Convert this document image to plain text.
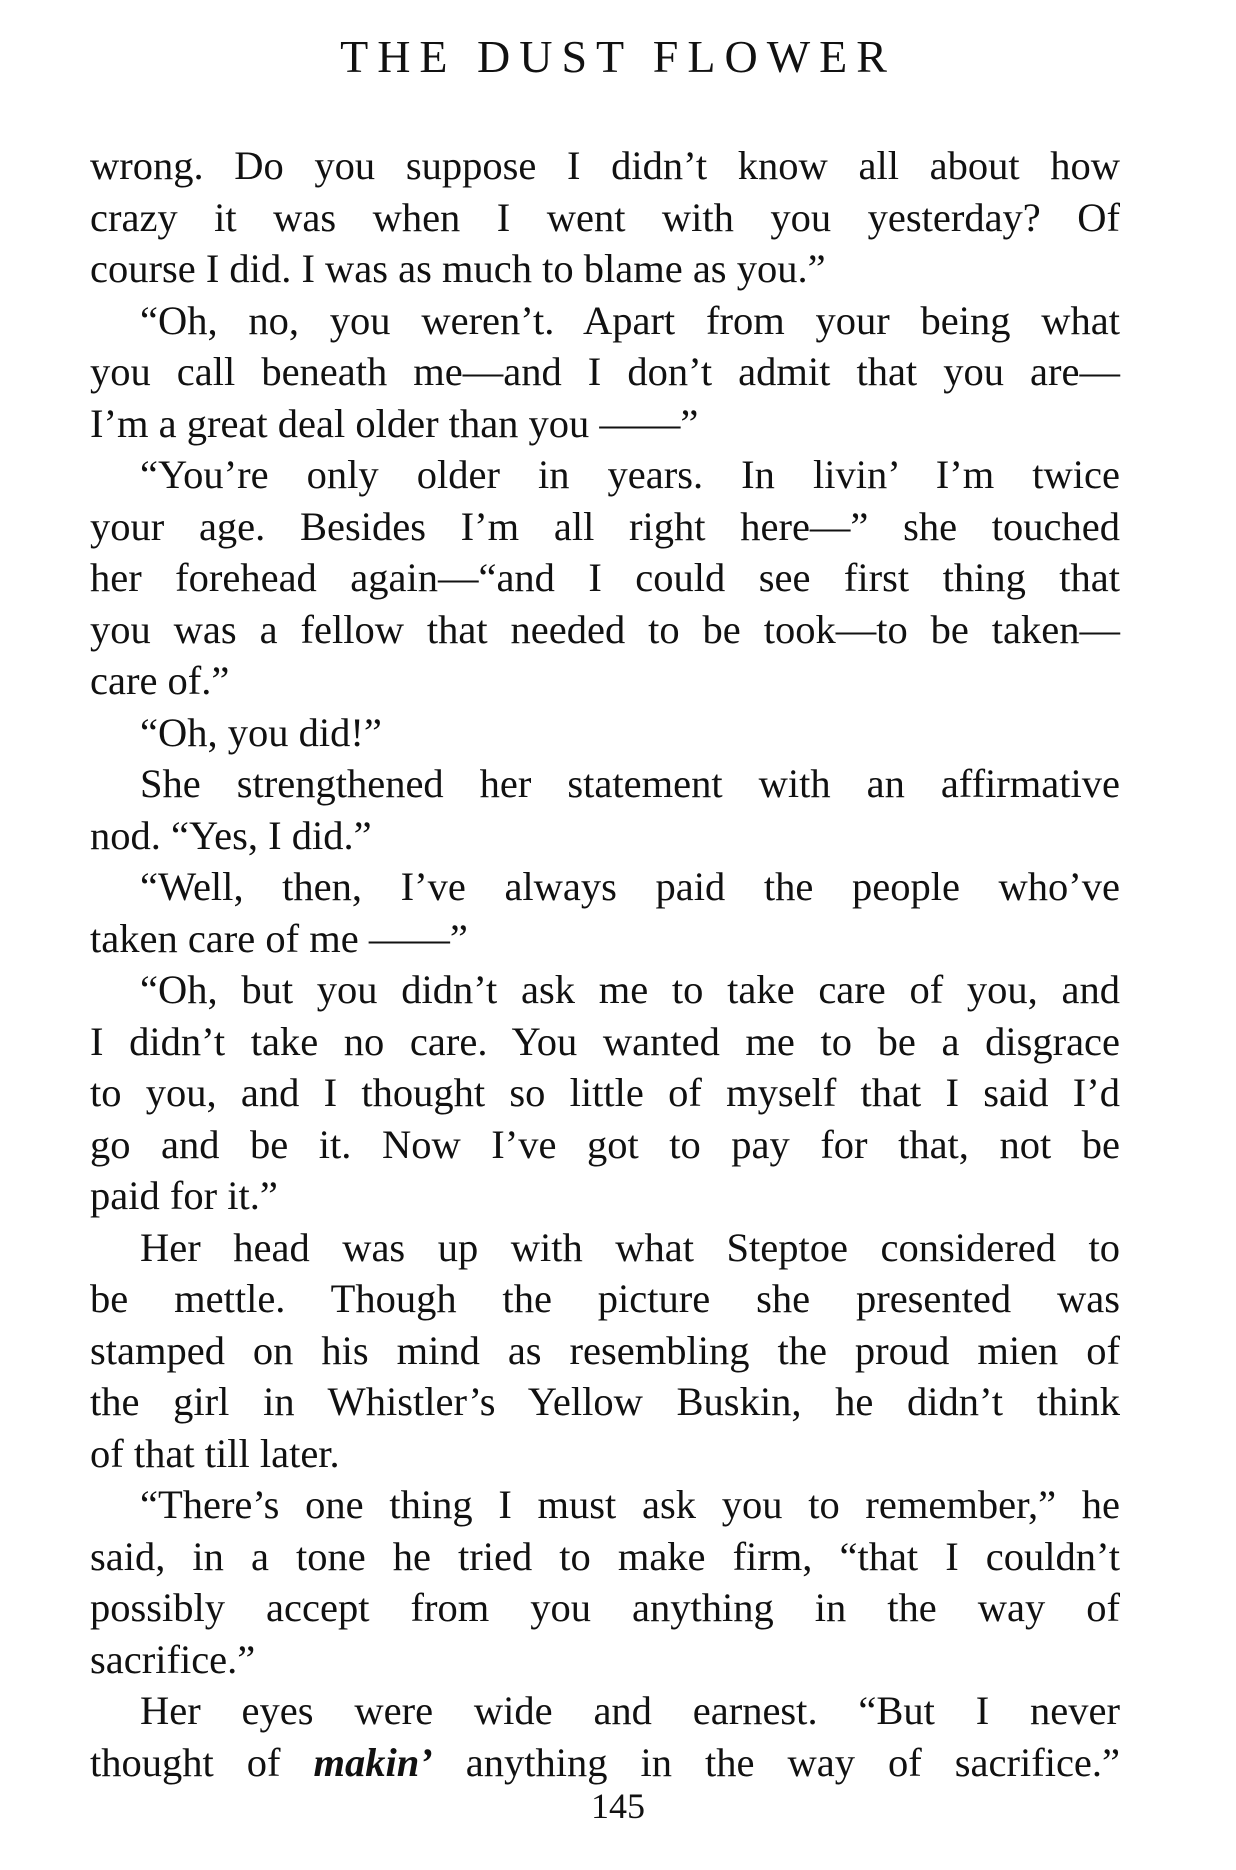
THE DUST FLOWER
wrong. Do you suppose I didn’t know all about how
crazy it was when I went with you yesterday? Of
course I did. I was as much to blame as you.”
“Oh, no, you weren’t. Apart from your being what
you call beneath me—and I don’t admit that you are—
I’m a great deal older than you ——”
“You’re only older in years. In livin’ I’m twice
your age. Besides I’m all right here—” she touched
her forehead again—“and I could see first thing that
you was a fellow that needed to be took—to be taken—
care of.”
“Oh, you did!”
She strengthened her statement with an affirmative
nod. “Yes, I did.”
“Well, then, I’ve always paid the people who’ve
taken care of me ——”
“Oh, but you didn’t ask me to take care of you, and
I didn’t take no care. You wanted me to be a disgrace
to you, and I thought so little of myself that I said I’d
go and be it. Now I’ve got to pay for that, not be
paid for it.”
Her head was up with what Steptoe considered to
be mettle. Though the picture she presented was
stamped on his mind as resembling the proud mien of
the girl in Whistler’s Yellow Buskin, he didn’t think
of that till later.
“There’s one thing I must ask you to remember,” he
said, in a tone he tried to make firm, “that I couldn’t
possibly accept from you anything in the way of
sacrifice.”
Her eyes were wide and earnest. “But I never
thought of makin’ anything in the way of sacrifice.”
145
